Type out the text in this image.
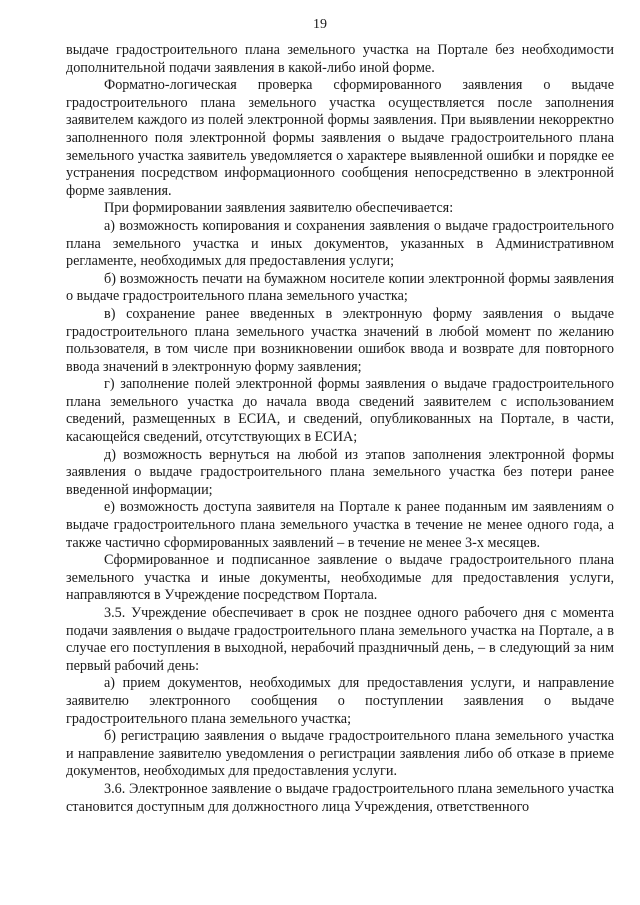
19

выдаче градостроительного плана земельного участка на Портале без необходимости дополнительной подачи заявления в какой-либо иной форме.

Форматно-логическая проверка сформированного заявления о выдаче градостроительного плана земельного участка осуществляется после заполнения заявителем каждого из полей электронной формы заявления. При выявлении некорректно заполненного поля электронной формы заявления о выдаче градостроительного плана земельного участка заявитель уведомляется о характере выявленной ошибки и порядке ее устранения посредством информационного сообщения непосредственно в электронной форме заявления.

При формировании заявления заявителю обеспечивается:

а) возможность копирования и сохранения заявления о выдаче градостроительного плана земельного участка и иных документов, указанных в Административном регламенте, необходимых для предоставления услуги;

б) возможность печати на бумажном носителе копии электронной формы заявления о выдаче градостроительного плана земельного участка;

в) сохранение ранее введенных в электронную форму заявления о выдаче градостроительного плана земельного участка значений в любой момент по желанию пользователя, в том числе при возникновении ошибок ввода и возврате для повторного ввода значений в электронную форму заявления;

г) заполнение полей электронной формы заявления о выдаче градостроительного плана земельного участка до начала ввода сведений заявителем с использованием сведений, размещенных в ЕСИА, и сведений, опубликованных на Портале, в части, касающейся сведений, отсутствующих в ЕСИА;

д) возможность вернуться на любой из этапов заполнения электронной формы заявления о выдаче градостроительного плана земельного участка без потери ранее введенной информации;

е) возможность доступа заявителя на Портале к ранее поданным им заявлениям о выдаче градостроительного плана земельного участка в течение не менее одного года, а также частично сформированных заявлений – в течение не менее 3-х месяцев.

Сформированное и подписанное заявление о выдаче градостроительного плана земельного участка и иные документы, необходимые для предоставления услуги, направляются в Учреждение посредством Портала.

3.5. Учреждение обеспечивает в срок не позднее одного рабочего дня с момента подачи заявления о выдаче градостроительного плана земельного участка на Портале, а в случае его поступления в выходной, нерабочий праздничный день, – в следующий за ним первый рабочий день:

а) прием документов, необходимых для предоставления услуги, и направление заявителю электронного сообщения о поступлении заявления о выдаче градостроительного плана земельного участка;

б) регистрацию заявления о выдаче градостроительного плана земельного участка и направление заявителю уведомления о регистрации заявления либо об отказе в приеме документов, необходимых для предоставления услуги.

3.6. Электронное заявление о выдаче градостроительного плана земельного участка становится доступным для должностного лица Учреждения, ответственного
